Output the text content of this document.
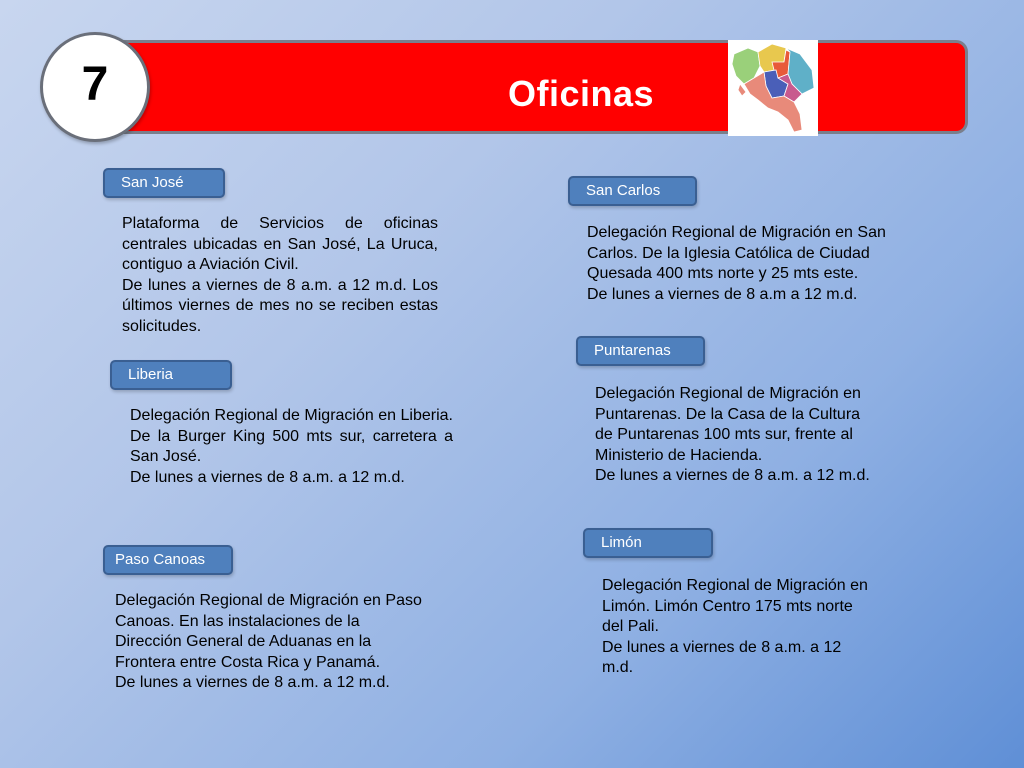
Oficinas
7
San José
Plataforma de Servicios de oficinas centrales ubicadas en San José, La Uruca, contiguo a Aviación Civil.
De lunes a viernes de 8 a.m. a 12 m.d. Los últimos viernes de mes no se reciben estas solicitudes.
Liberia
Delegación Regional de Migración en Liberia. De la Burger King 500 mts sur, carretera a San José.
De lunes a viernes de 8 a.m. a 12 m.d.
Paso Canoas
Delegación Regional de Migración en Paso
Canoas. En las instalaciones de la
Dirección General de Aduanas en la
Frontera entre Costa Rica y Panamá.
De lunes a viernes de 8 a.m. a 12 m.d.
San Carlos
Delegación Regional de Migración en San
Carlos. De la Iglesia Católica de Ciudad
Quesada 400 mts norte y 25 mts este.
De lunes a viernes de 8 a.m a 12 m.d.
Puntarenas
Delegación Regional de Migración en
Puntarenas. De la Casa de la Cultura
de Puntarenas 100 mts sur, frente al
Ministerio de Hacienda.
De lunes a viernes de 8 a.m. a 12 m.d.
Limón
Delegación Regional de Migración en
Limón. Limón Centro 175 mts norte
del Pali.
De lunes a viernes de 8 a.m. a 12
m.d.
